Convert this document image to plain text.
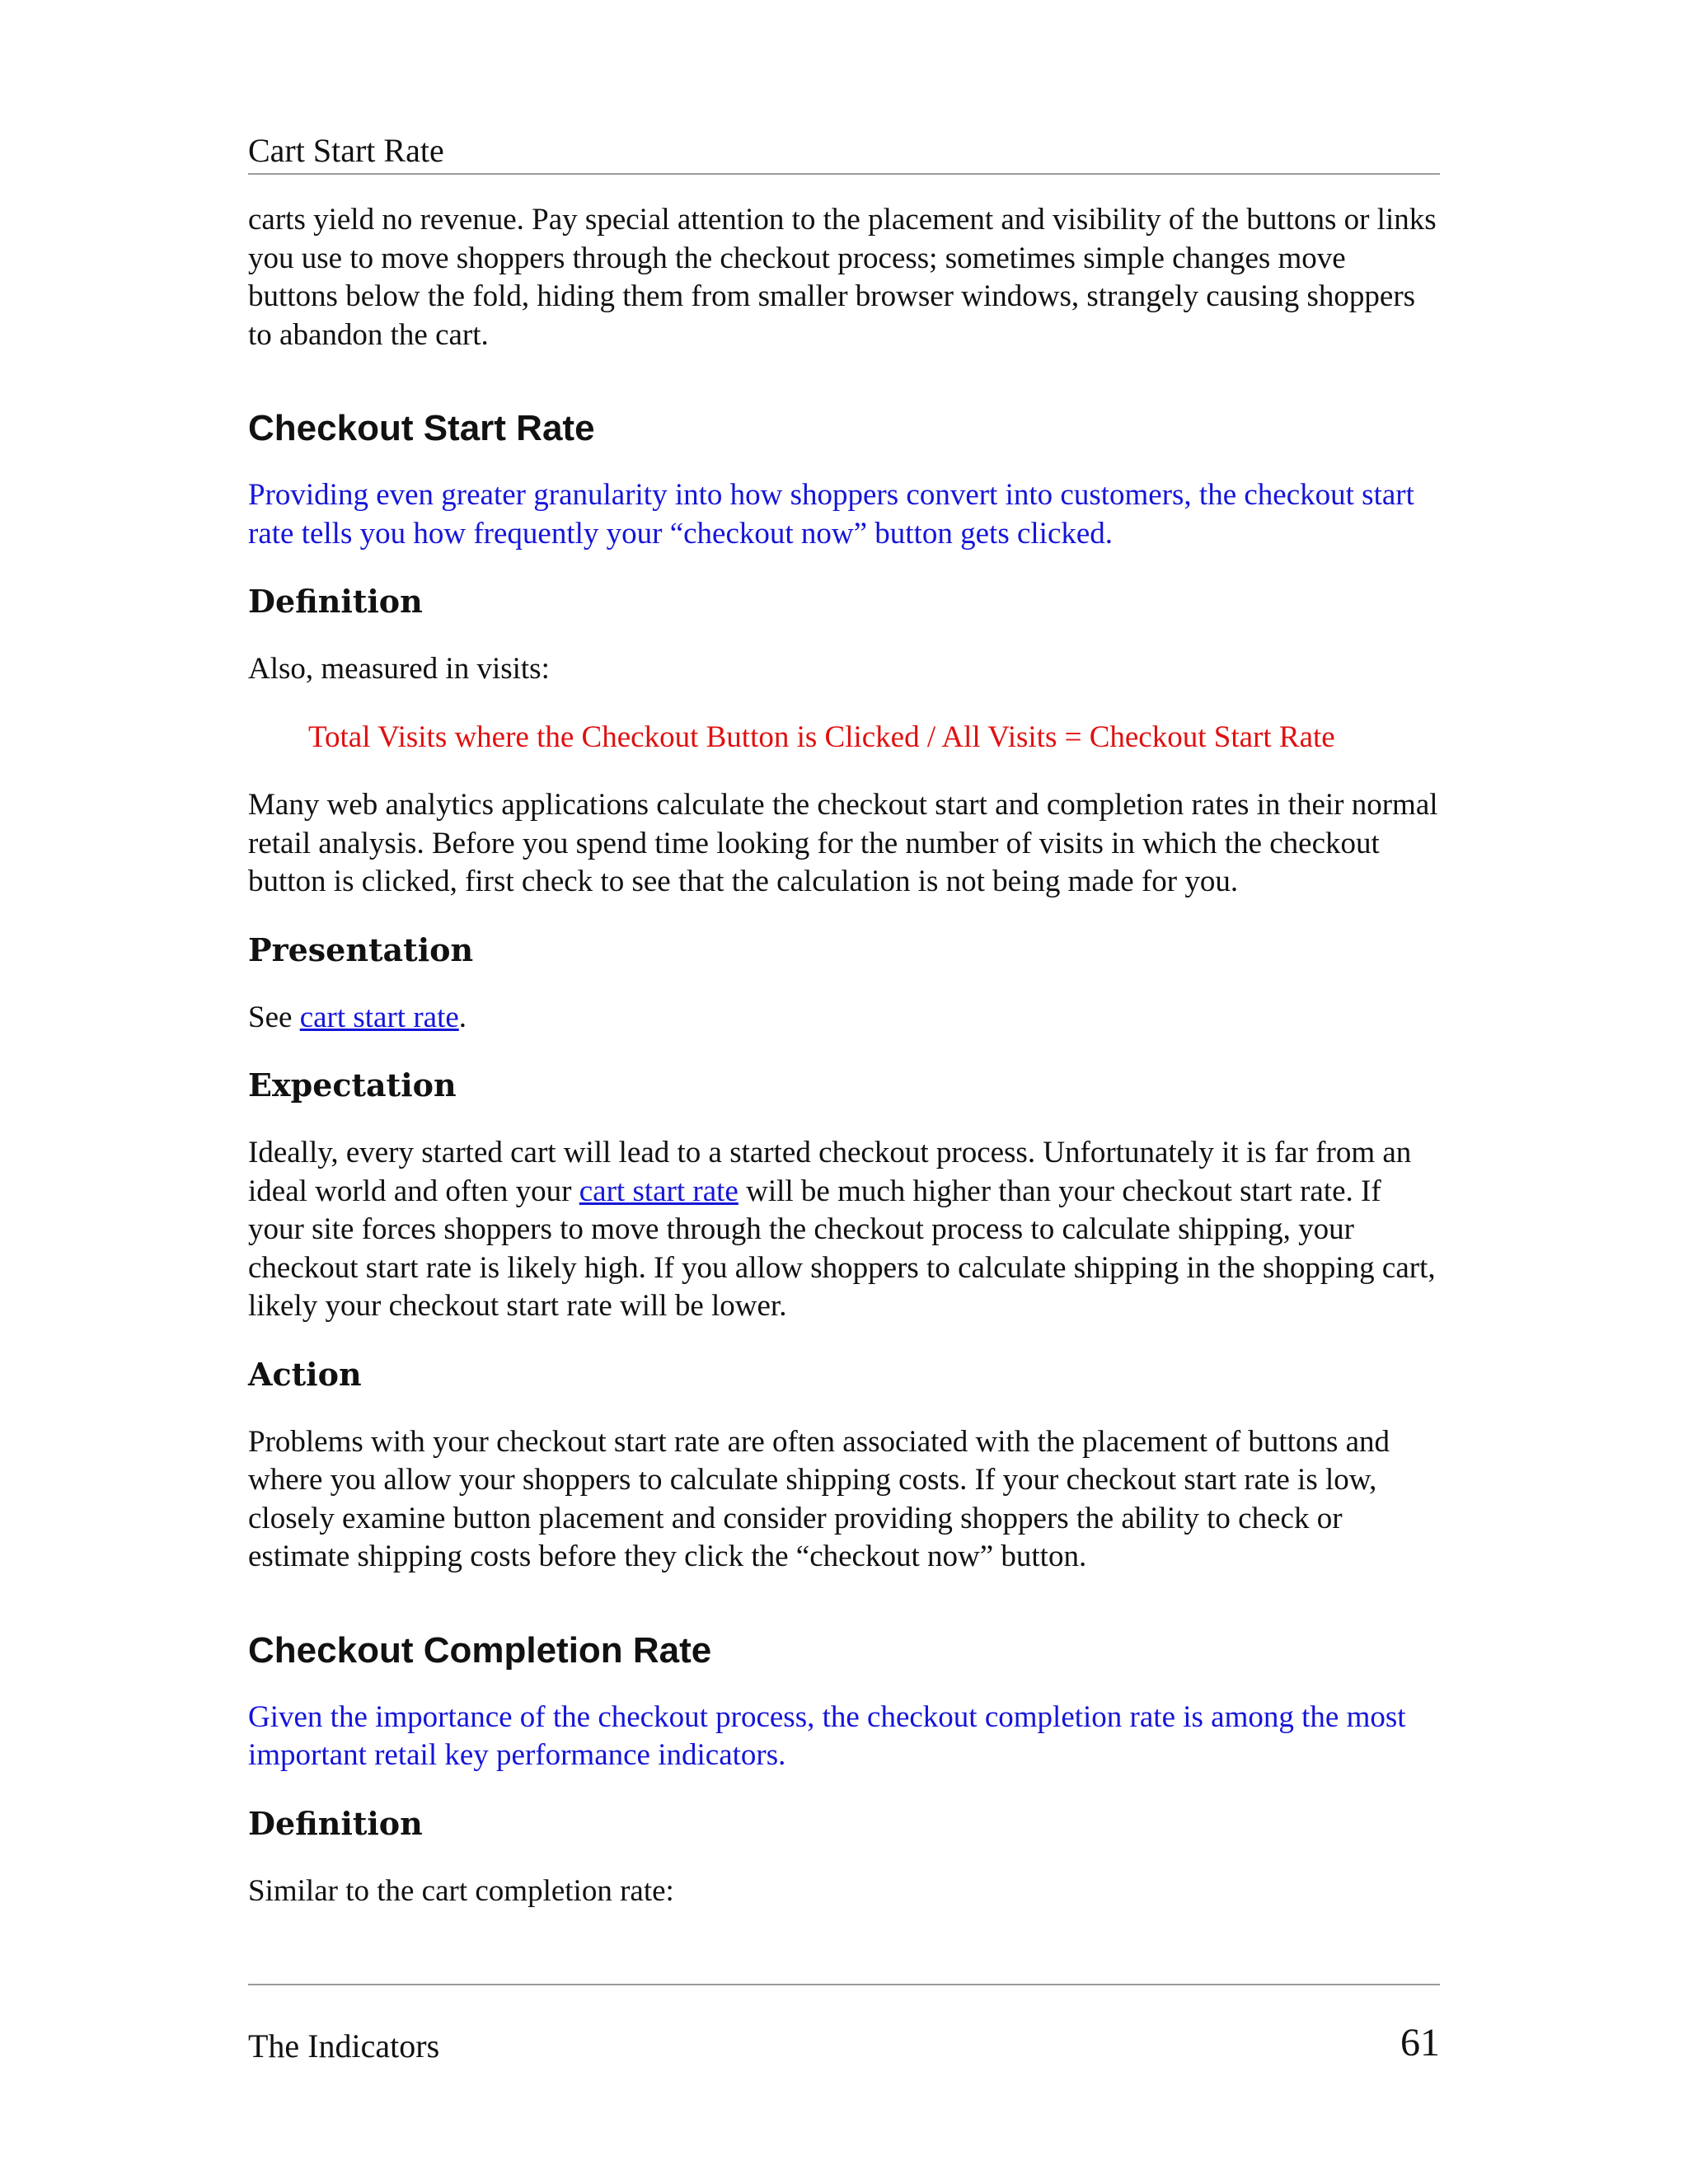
Cart Start Rate

carts yield no revenue. Pay special attention to the placement and visibility of the buttons or links you use to move shoppers through the checkout process; sometimes simple changes move buttons below the fold, hiding them from smaller browser windows, strangely causing shoppers to abandon the cart.

Checkout Start Rate

Providing even greater granularity into how shoppers convert into customers, the checkout start rate tells you how frequently your “checkout now” button gets clicked.

Definition

Also, measured in visits:

Total Visits where the Checkout Button is Clicked / All Visits = Checkout Start Rate

Many web analytics applications calculate the checkout start and completion rates in their normal retail analysis. Before you spend time looking for the number of visits in which the checkout button is clicked, first check to see that the calculation is not being made for you.

Presentation

See cart start rate.

Expectation

Ideally, every started cart will lead to a started checkout process. Unfortunately it is far from an ideal world and often your cart start rate will be much higher than your checkout start rate. If your site forces shoppers to move through the checkout process to calculate shipping, your checkout start rate is likely high. If you allow shoppers to calculate shipping in the shopping cart, likely your checkout start rate will be lower.

Action

Problems with your checkout start rate are often associated with the placement of buttons and where you allow your shoppers to calculate shipping costs. If your checkout start rate is low, closely examine button placement and consider providing shoppers the ability to check or estimate shipping costs before they click the “checkout now” button.

Checkout Completion Rate

Given the importance of the checkout process, the checkout completion rate is among the most important retail key performance indicators.

Definition

Similar to the cart completion rate:

The Indicators	61
